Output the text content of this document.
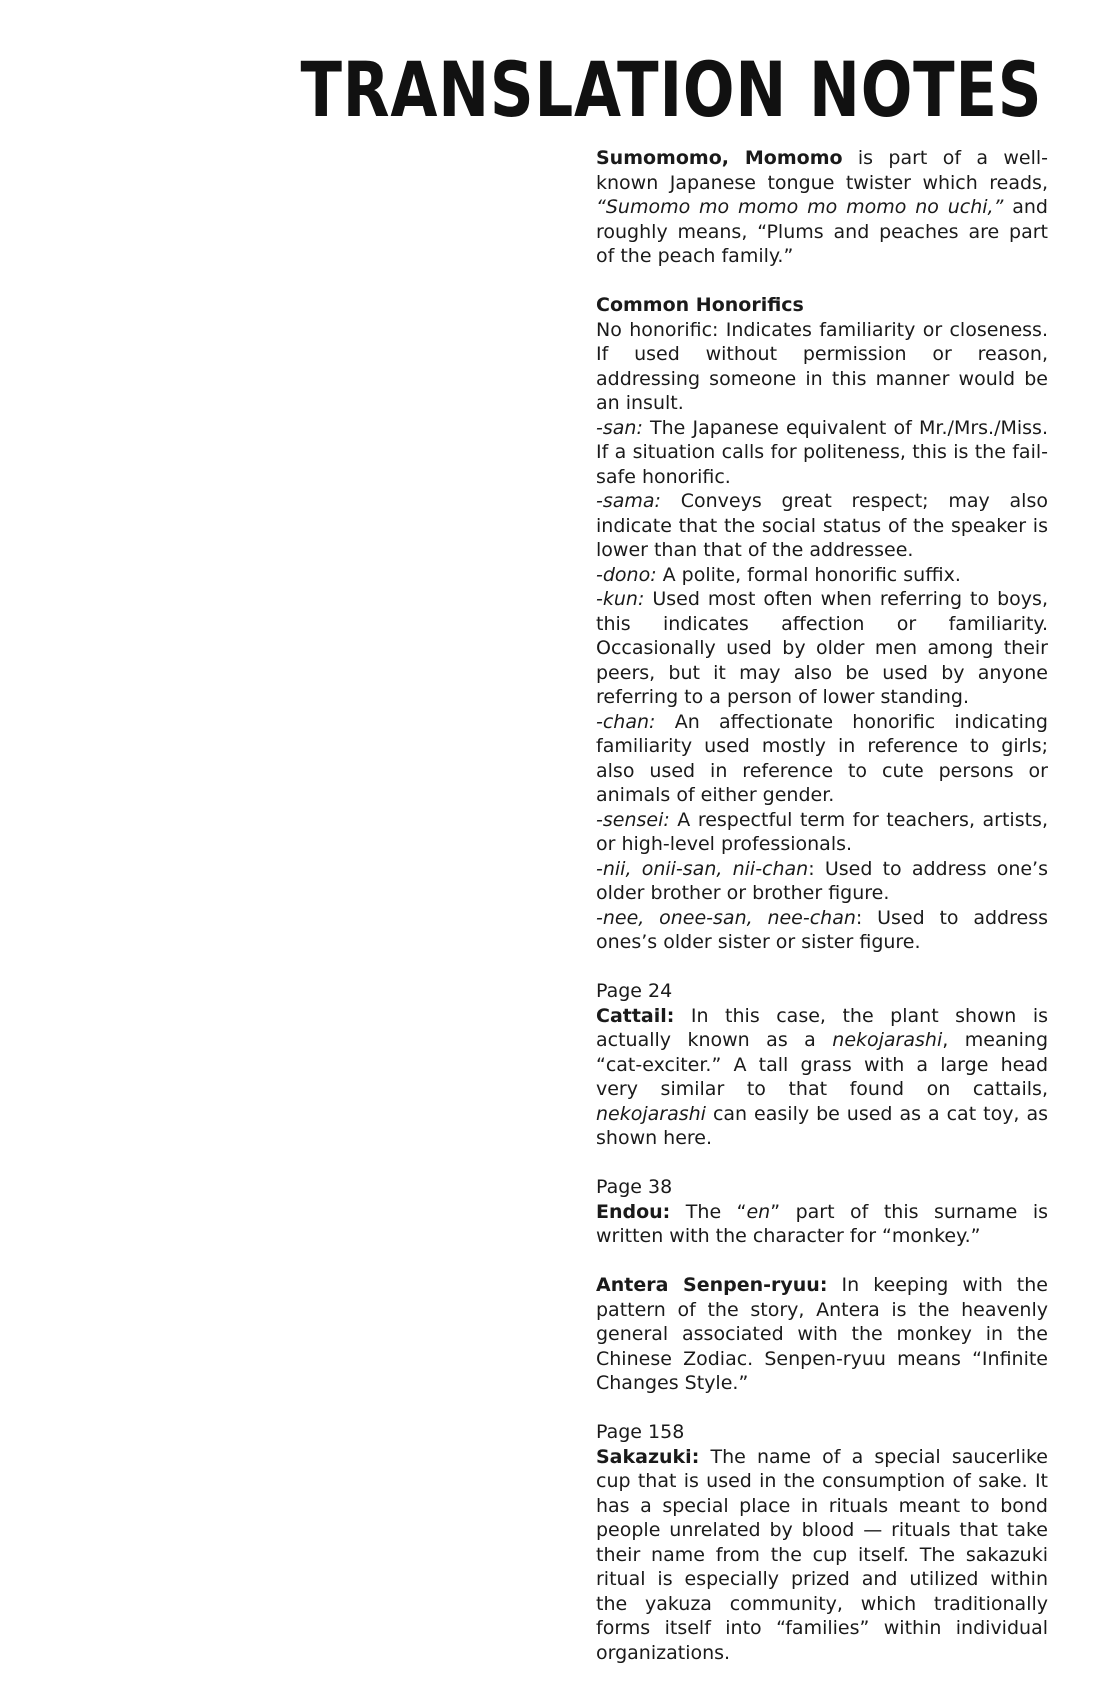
TRANSLATION NOTES

Sumomomo, Momomo is part of a well-known Japanese tongue twister which reads, “Sumomo mo momo mo momo no uchi,” and roughly means, “Plums and peaches are part of the peach family.”

Common Honorifics

No honorific: Indicates familiarity or closeness. If used without permission or reason, addressing someone in this manner would be an insult.

-san: The Japanese equivalent of Mr./Mrs./Miss. If a situation calls for politeness, this is the fail-safe honorific.

-sama: Conveys great respect; may also indicate that the social status of the speaker is lower than that of the addressee.

-dono: A polite, formal honorific suffix.

-kun: Used most often when referring to boys, this indicates affection or familiarity. Occasionally used by older men among their peers, but it may also be used by anyone referring to a person of lower standing.

-chan: An affectionate honorific indicating familiarity used mostly in reference to girls; also used in reference to cute persons or animals of either gender.

-sensei: A respectful term for teachers, artists, or high-level professionals.

-nii, onii-san, nii-chan: Used to address one’s older brother or brother figure.

-nee, onee-san, nee-chan: Used to address ones’s older sister or sister figure.

Page 24

Cattail: In this case, the plant shown is actually known as a nekojarashi, meaning “cat-exciter.” A tall grass with a large head very similar to that found on cattails, nekojarashi can easily be used as a cat toy, as shown here.

Page 38

Endou: The “en” part of this surname is written with the character for “monkey.”

Antera Senpen-ryuu: In keeping with the pattern of the story, Antera is the heavenly general associated with the monkey in the Chinese Zodiac. Senpen-ryuu means “Infinite Changes Style.”

Page 158

Sakazuki: The name of a special saucerlike cup that is used in the consumption of sake. It has a special place in rituals meant to bond people unrelated by blood — rituals that take their name from the cup itself. The sakazuki ritual is especially prized and utilized within the yakuza community, which traditionally forms itself into “families” within individual organizations.
